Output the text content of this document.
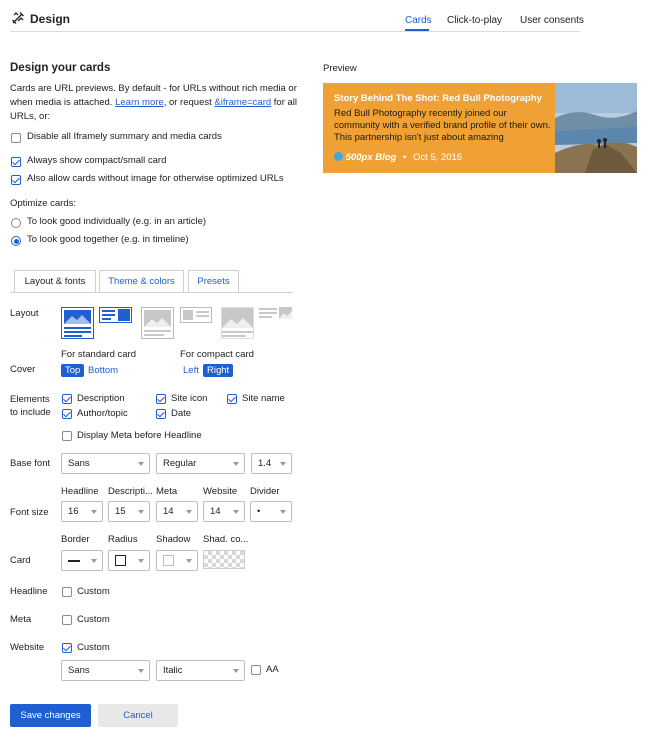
Design	Cards Click-to-play User consents
Design your cards
Cards are URL previews. By default - for URLs without rich media or
when media is attached. Learn more, or request &iframe=card for all
URLs, or:
Disable all Iframely summary and media cards
Always show compact/small card
Also allow cards without image for otherwise optimized URLs
Optimize cards:
To look good individually (e.g. in an article)
To look good together (e.g. in timeline)
Preview
Story Behind The Shot: Red Bull Photography
Red Bull Photography recently joined our community with a verified brand profile of their own. This partnership isn't just about amazing
500px Blog • Oct 5, 2016
Layout & fonts	Theme & colors	Presets
Layout
For standard card	For compact card
Cover	Top Bottom	Left Right
Elements
to include
Description	Site icon	Site name
Author/topic	Date
Display Meta before Headline
Base font	Sans	Regular	1.4
Headline Descripti... Meta	Website Divider
Font size	16	15	14	14	•
Border Radius Shadow Shad. co...
Card
Headline	Custom
Meta	Custom
Website	Custom
Sans	Italic	AA
Save changes	Cancel
